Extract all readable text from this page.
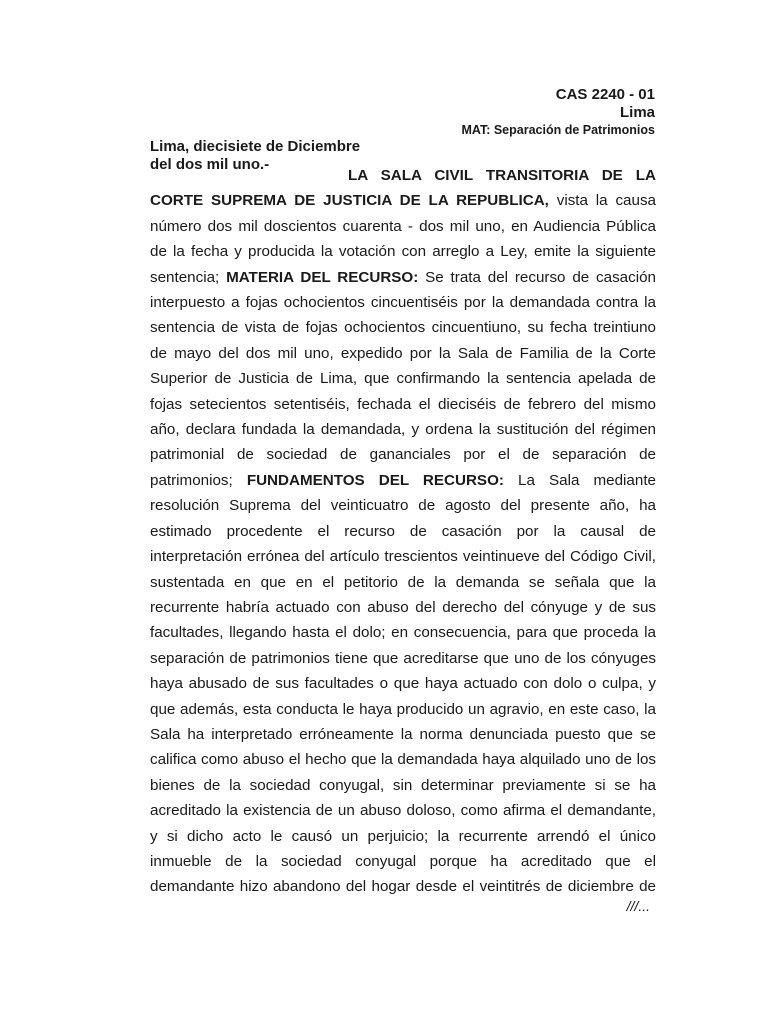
CAS 2240 - 01
Lima
MAT: Separación de Patrimonios
Lima, diecisiete de Diciembre
del dos mil uno.-

LA SALA CIVIL TRANSITORIA DE LA

CORTE SUPREMA DE JUSTICIA DE LA REPUBLICA, vista la causa

número dos mil doscientos cuarenta - dos mil uno, en Audiencia Pública

de la fecha y producida la votación con arreglo a Ley, emite la siguiente

sentencia; MATERIA DEL RECURSO: Se trata del recurso de casación

interpuesto a fojas ochocientos cincuentiséis por la demandada contra la

sentencia de vista de fojas ochocientos cincuentiuno, su fecha treintiuno

de mayo del dos mil uno, expedido por la Sala de Familia de la Corte

Superior de Justicia de Lima, que confirmando la sentencia apelada de

fojas setecientos setentiséis, fechada el dieciséis de febrero del mismo

año, declara fundada la demandada, y ordena la sustitución del régimen

patrimonial de sociedad de gananciales por el de separación de

patrimonios; FUNDAMENTOS DEL RECURSO: La Sala mediante

resolución Suprema del veinticuatro de agosto del presente año, ha

estimado procedente el recurso de casación por la causal de

interpretación errónea del artículo trescientos veintinueve del Código Civil,

sustentada en que en el petitorio de la demanda se señala que la

recurrente habría actuado con abuso del derecho del cónyuge y de sus

facultades, llegando hasta el dolo; en consecuencia, para que proceda la

separación de patrimonios tiene que acreditarse que uno de los cónyuges

haya abusado de sus facultades o que haya actuado con dolo o culpa, y

que además, esta conducta le haya producido un agravio, en este caso, la

Sala ha interpretado erróneamente la norma denunciada puesto que se

califica como abuso el hecho que la demandada haya alquilado uno de los

bienes de la sociedad conyugal, sin determinar previamente si se ha

acreditado la existencia de un abuso doloso, como afirma el demandante,

y si dicho acto le causó un perjuicio; la recurrente arrendó el único

inmueble de la sociedad conyugal porque ha acreditado que el

demandante hizo abandono del hogar desde el veintitrés de diciembre de

///...
